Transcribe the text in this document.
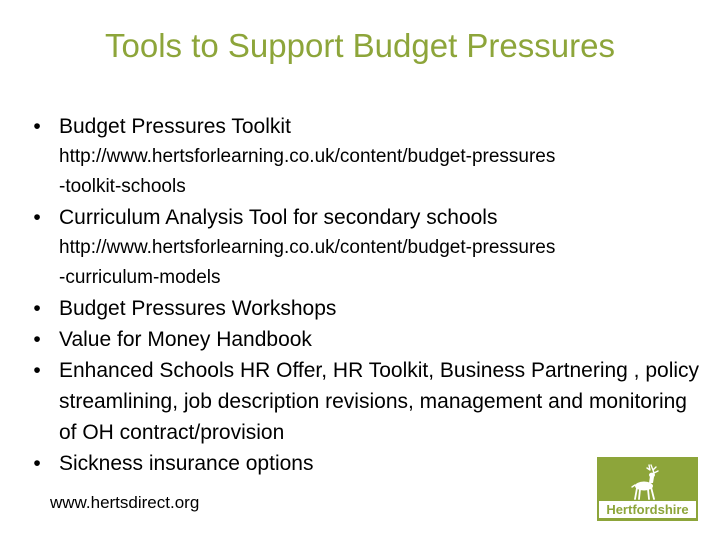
Tools to Support Budget Pressures
• Budget Pressures Toolkit
http://www.hertsforlearning.co.uk/content/budget-pressures
-toolkit-schools
• Curriculum Analysis Tool for secondary schools
http://www.hertsforlearning.co.uk/content/budget-pressures
-curriculum-models
• Budget Pressures Workshops
• Value for Money Handbook
• Enhanced Schools HR Offer, HR Toolkit, Business Partnering , policy streamlining, job description revisions, management and monitoring of OH contract/provision
• Sickness insurance options
www.hertsdirect.org	Hertfordshire
